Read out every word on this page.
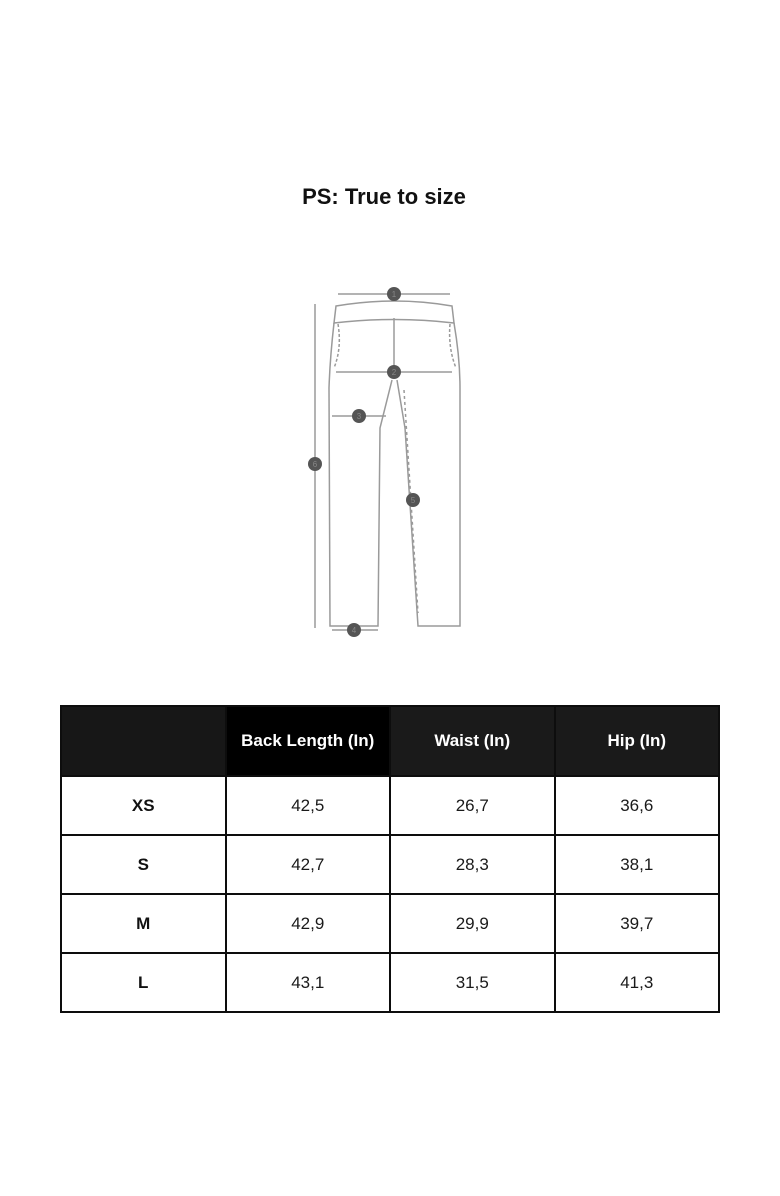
PS: True to size
1
2
3
4
5
6
	Back Length (In)	Waist (In)	Hip (In)
XS	42,5	26,7	36,6
S	42,7	28,3	38,1
M	42,9	29,9	39,7
L	43,1	31,5	41,3
